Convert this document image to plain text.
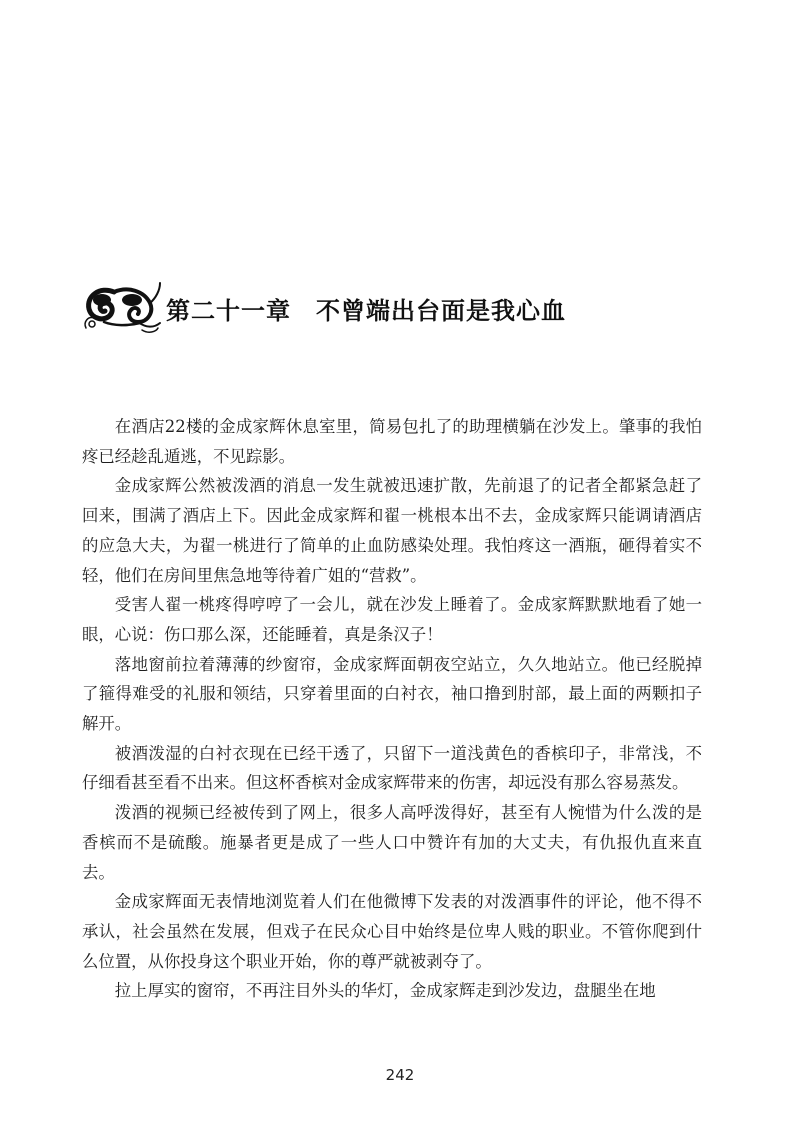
第二十一章　不曾端出台面是我心血

在酒店22楼的金成家辉休息室里，简易包扎了的助理横躺在沙发上。肇事的我怕疼已经趁乱遁逃，不见踪影。

金成家辉公然被泼酒的消息一发生就被迅速扩散，先前退了的记者全都紧急赶了回来，围满了酒店上下。因此金成家辉和翟一桃根本出不去，金成家辉只能调请酒店的应急大夫，为翟一桃进行了简单的止血防感染处理。我怕疼这一酒瓶，砸得着实不轻，他们在房间里焦急地等待着广姐的“营救”。

受害人翟一桃疼得哼哼了一会儿，就在沙发上睡着了。金成家辉默默地看了她一眼，心说：伤口那么深，还能睡着，真是条汉子！

落地窗前拉着薄薄的纱窗帘，金成家辉面朝夜空站立，久久地站立。他已经脱掉了箍得难受的礼服和领结，只穿着里面的白衬衣，袖口撸到肘部，最上面的两颗扣子解开。

被酒泼湿的白衬衣现在已经干透了，只留下一道浅黄色的香槟印子，非常浅，不仔细看甚至看不出来。但这杯香槟对金成家辉带来的伤害，却远没有那么容易蒸发。

泼酒的视频已经被传到了网上，很多人高呼泼得好，甚至有人惋惜为什么泼的是香槟而不是硫酸。施暴者更是成了一些人口中赞许有加的大丈夫，有仇报仇直来直去。

金成家辉面无表情地浏览着人们在他微博下发表的对泼酒事件的评论，他不得不承认，社会虽然在发展，但戏子在民众心目中始终是位卑人贱的职业。不管你爬到什么位置，从你投身这个职业开始，你的尊严就被剥夺了。

拉上厚实的窗帘，不再注目外头的华灯，金成家辉走到沙发边，盘腿坐在地

242
